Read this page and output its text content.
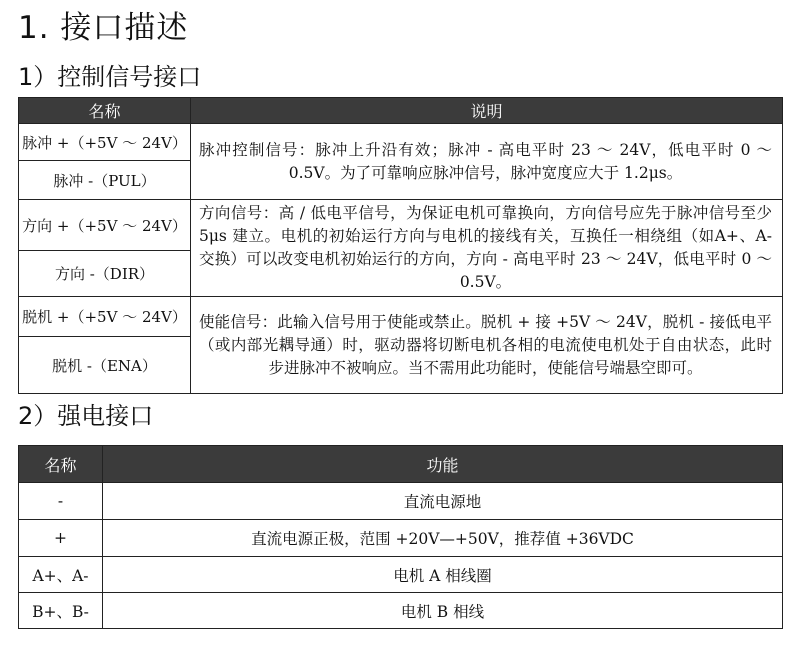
1. 接口描述
1）控制信号接口
名称	说明
脉冲 +（+5V ～ 24V）	脉冲控制信号：脉冲上升沿有效；脉冲 - 高电平时 23 ～ 24V，低电平时 0 ～ 0.5V。为了可靠响应脉冲信号，脉冲宽度应大于 1.2μs。
脉冲 -（PUL）	
方向 +（+5V ～ 24V）	方向信号：高 / 低电平信号，为保证电机可靠换向，方向信号应先于脉冲信号至少 5μs 建立。电机的初始运行方向与电机的接线有关，互换任一相绕组（如A+、A- 交换）可以改变电机初始运行的方向，方向 - 高电平时 23 ～ 24V，低电平时 0 ～ 0.5V。
方向 -（DIR）	
脱机 +（+5V ～ 24V）	使能信号：此输入信号用于使能或禁止。脱机 + 接 +5V ～ 24V，脱机 - 接低电平（或内部光耦导通）时，驱动器将切断电机各相的电流使电机处于自由状态，此时步进脉冲不被响应。当不需用此功能时，使能信号端悬空即可。
脱机 -（ENA）	
2）强电接口
名称	功能
-	直流电源地
+	直流电源正极，范围 +20V—+50V，推荐值 +36VDC
A+、A-	电机 A 相线圈
B+、B-	电机 B 相线
